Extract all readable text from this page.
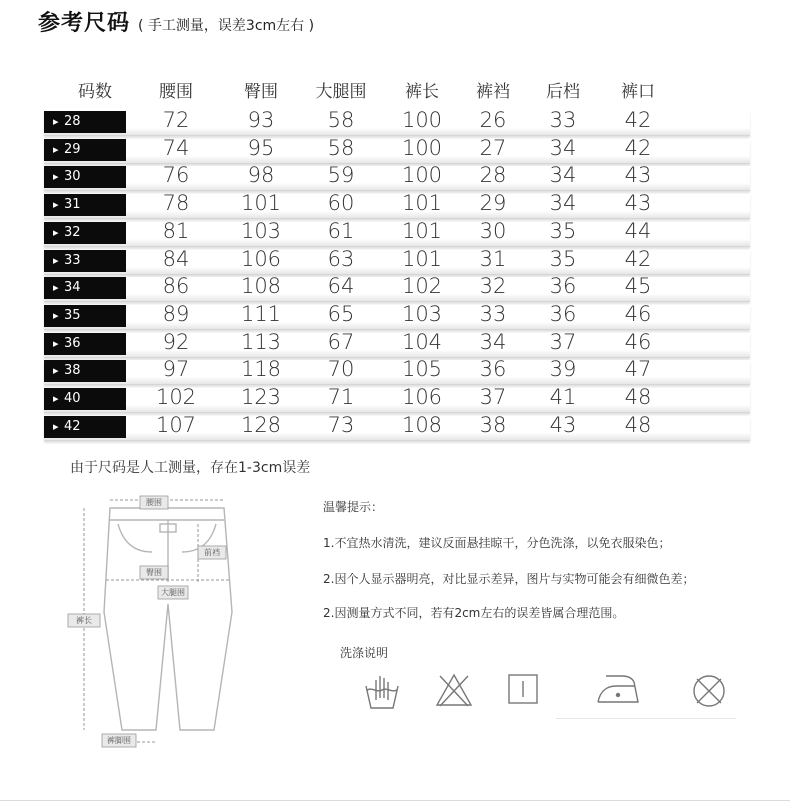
参考尺码 ( 手工测量，误差3cm左右 )
码数	腰围	臀围 大腿围 裤长 裤裆 后档 裤口
▸ 28	72	93	58 100 26 33 42
▸ 29	74	95	58 100 27 34 42
▸ 30	76	98	59 100 28 34 43
▸ 31	78 101 60 101 29 34 43
▸ 32	81 103 61 101 30 35 44
▸ 33	84 106 63 101 31 35 42
▸ 34	86 108 64 102 32 36 45
▸ 35	89 111 65 103 33 36 46
▸ 36	92 113 67 104 34 37 46
▸ 38	97 118 70 105 36 39 47
▸ 40	102 123 71 106 37 41 48
▸ 42	107 128 73 108 38 43 48
由于尺码是人工测量，存在1-3cm误差
腰围
前裆
臀围
大腿围
裤长
裤脚围
温馨提示：
1.不宜热水清洗，建议反面悬挂晾干，分色洗涤，以免衣服染色；
2.因个人显示器明亮，对比显示差异，图片与实物可能会有细微色差；
2.因测量方式不同，若有2cm左右的误差皆属合理范围。
洗涤说明
